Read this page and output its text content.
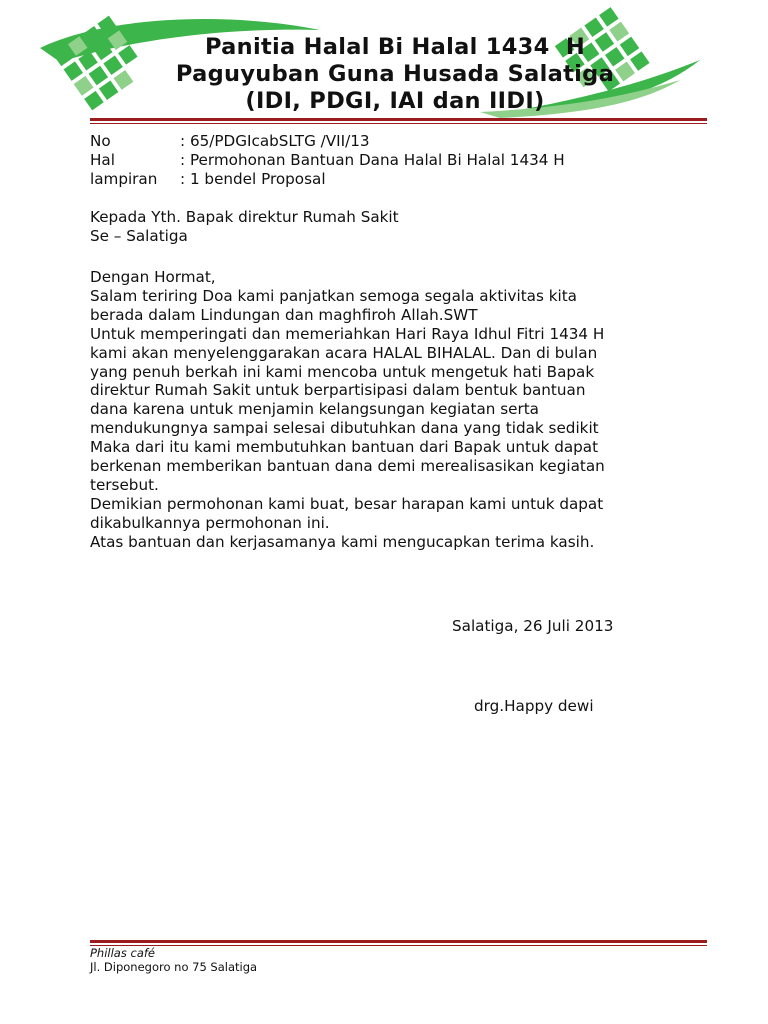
Panitia Halal Bi Halal 1434  H
Paguyuban Guna Husada Salatiga
(IDI, PDGI, IAI dan IIDI)
No	: 65/PDGIcabSLTG /VII/13
Hal	: Permohonan Bantuan Dana Halal Bi Halal 1434 H
lampiran	: 1 bendel Proposal
Kepada Yth. Bapak direktur Rumah Sakit
Se – Salatiga
Dengan Hormat,
Salam teriring Doa kami panjatkan semoga segala aktivitas kita
berada dalam Lindungan dan maghfiroh Allah.SWT
Untuk memperingati dan memeriahkan Hari Raya Idhul Fitri 1434 H
kami akan menyelenggarakan acara HALAL BIHALAL. Dan di bulan
yang penuh berkah ini kami mencoba untuk mengetuk hati Bapak
direktur Rumah Sakit untuk berpartisipasi dalam bentuk bantuan
dana karena untuk menjamin kelangsungan kegiatan serta
mendukungnya sampai selesai dibutuhkan dana yang tidak sedikit
Maka dari itu kami membutuhkan bantuan dari Bapak untuk dapat
berkenan memberikan bantuan dana demi merealisasikan kegiatan
tersebut.
Demikian permohonan kami buat, besar harapan kami untuk dapat
dikabulkannya permohonan ini.
Atas bantuan dan kerjasamanya kami mengucapkan terima kasih.
Salatiga, 26 Juli 2013
drg.Happy dewi
Phillas café
Jl. Diponegoro no 75 Salatiga
